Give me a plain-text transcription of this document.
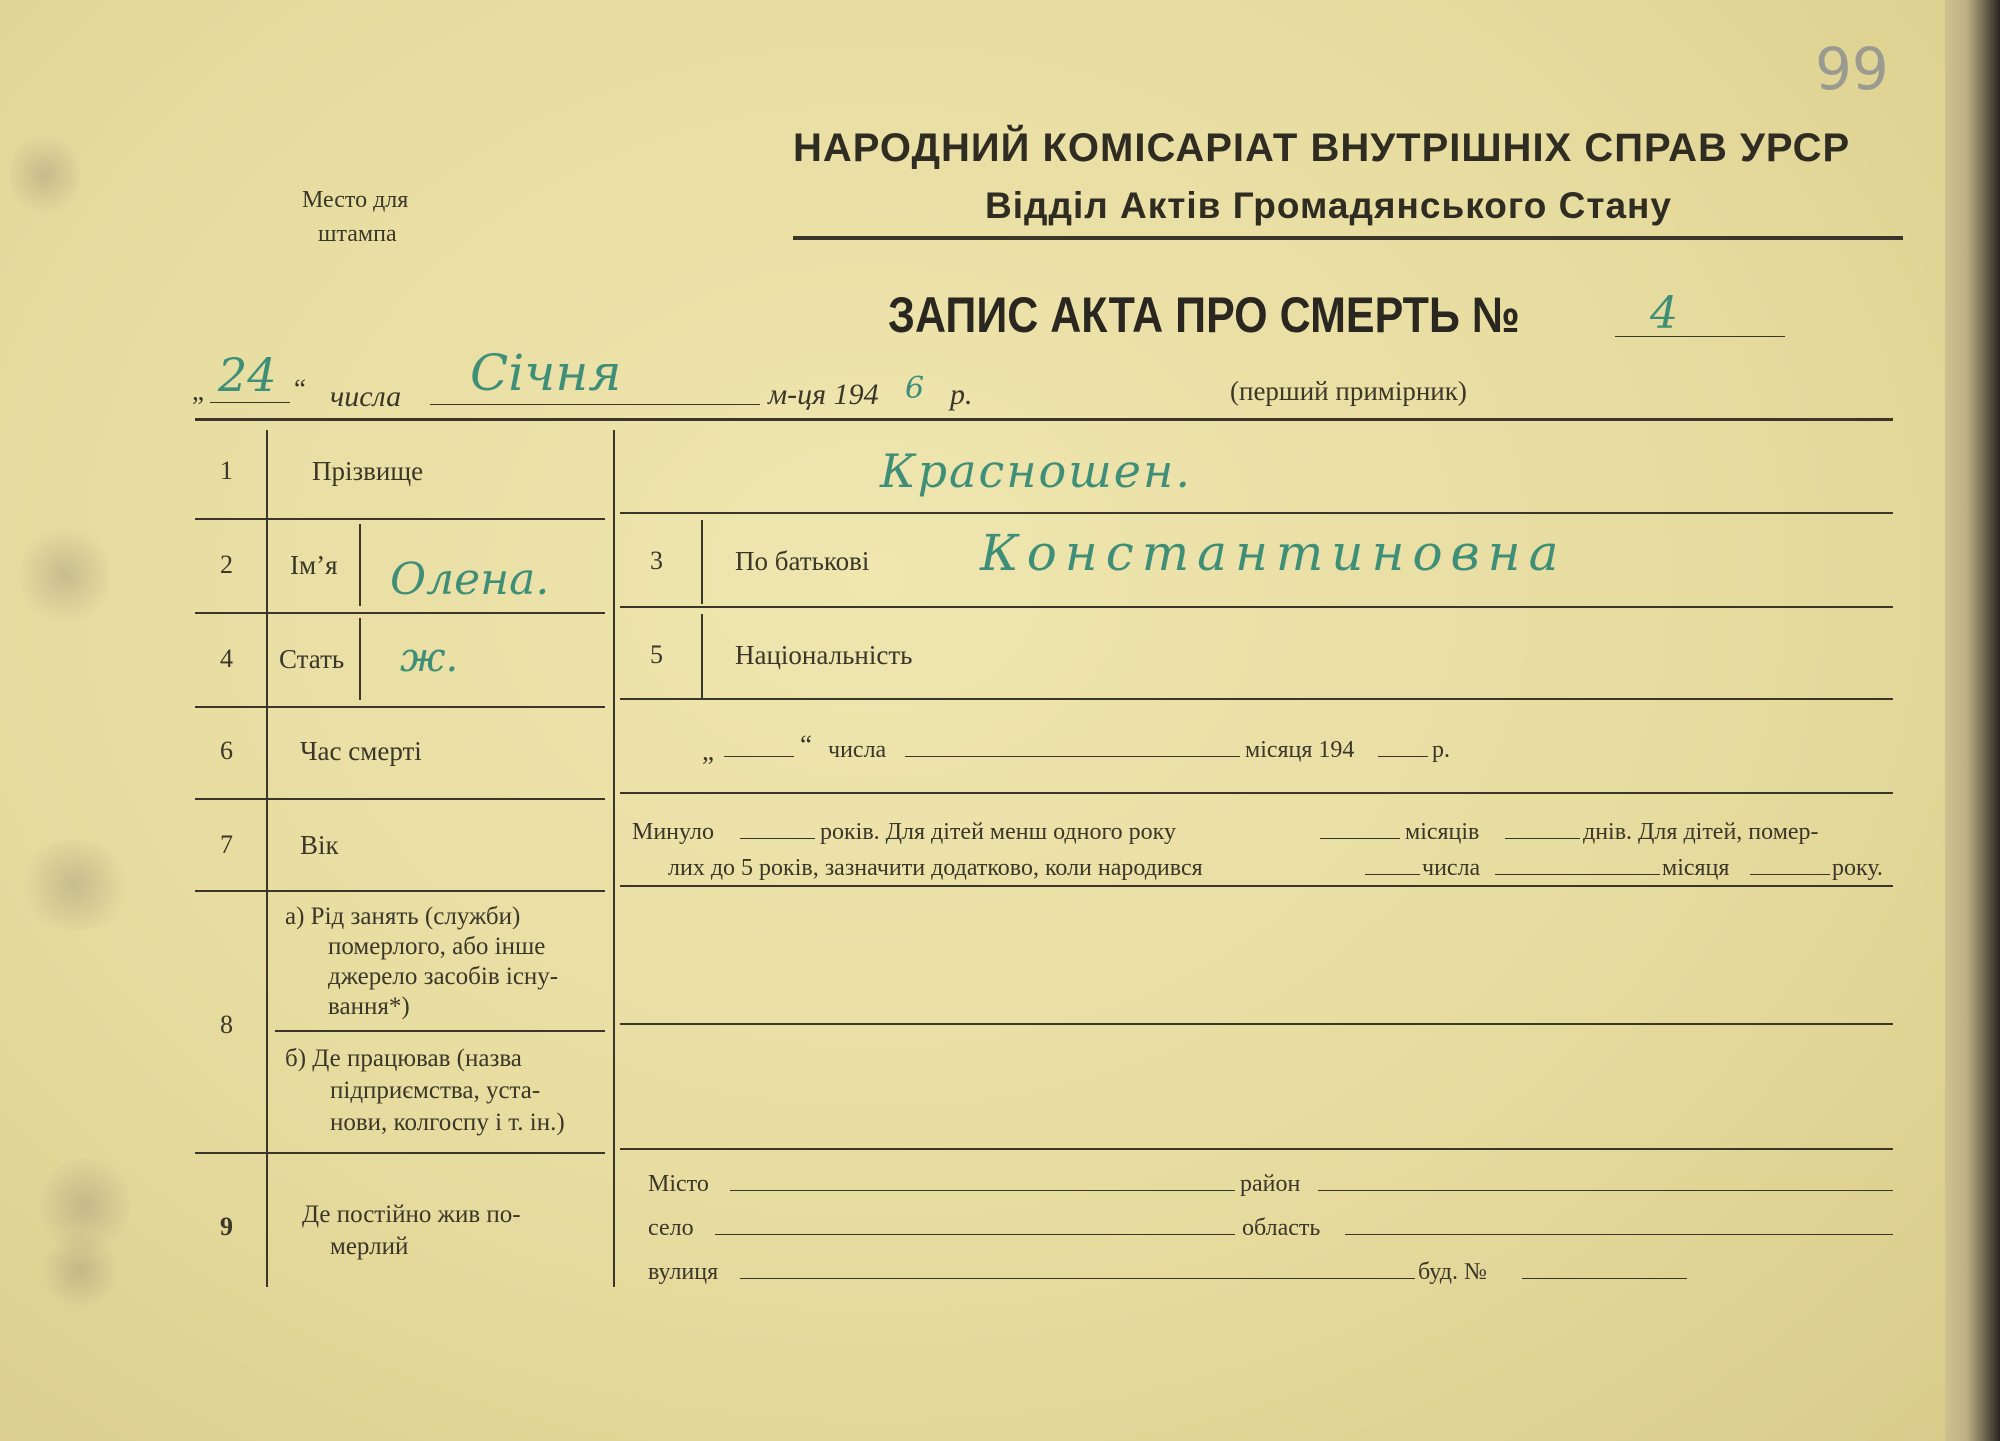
99
Место для
штампа
НАРОДНИЙ КОМІСАРІАТ ВНУТРІШНІХ СПРАВ УРСР
Відділ Актів Громадянського Стану
ЗАПИС АКТА ПРО СМЕРТЬ №	4
„ 24 “ числа Січня	м-ця 194 6 р.	(перший примірник)
1	Прізвище	Красношен.
2 Ім’я Олена.	3	По батькові Константиновна
4 Стать ж.	5	Національність
6 Час смерті	„	“ числа	місяця 194	р.
7 Вік	Минуло	років. Для дітей менш одного року	місяців	днів. Для дітей, помер-
лих до 5 років, зазначити додатково, коли народився	числа	місяця	року.
8
а) Рід занять (служби)
померлого, або інше
джерело засобів існу-
вання*)
б) Де працював (назва
підприємства, уста-
нови, колгоспу і т. ін.)
9	Де постійно жив по-
мерлий
Місто	район
село	область
вулиця	буд. №
